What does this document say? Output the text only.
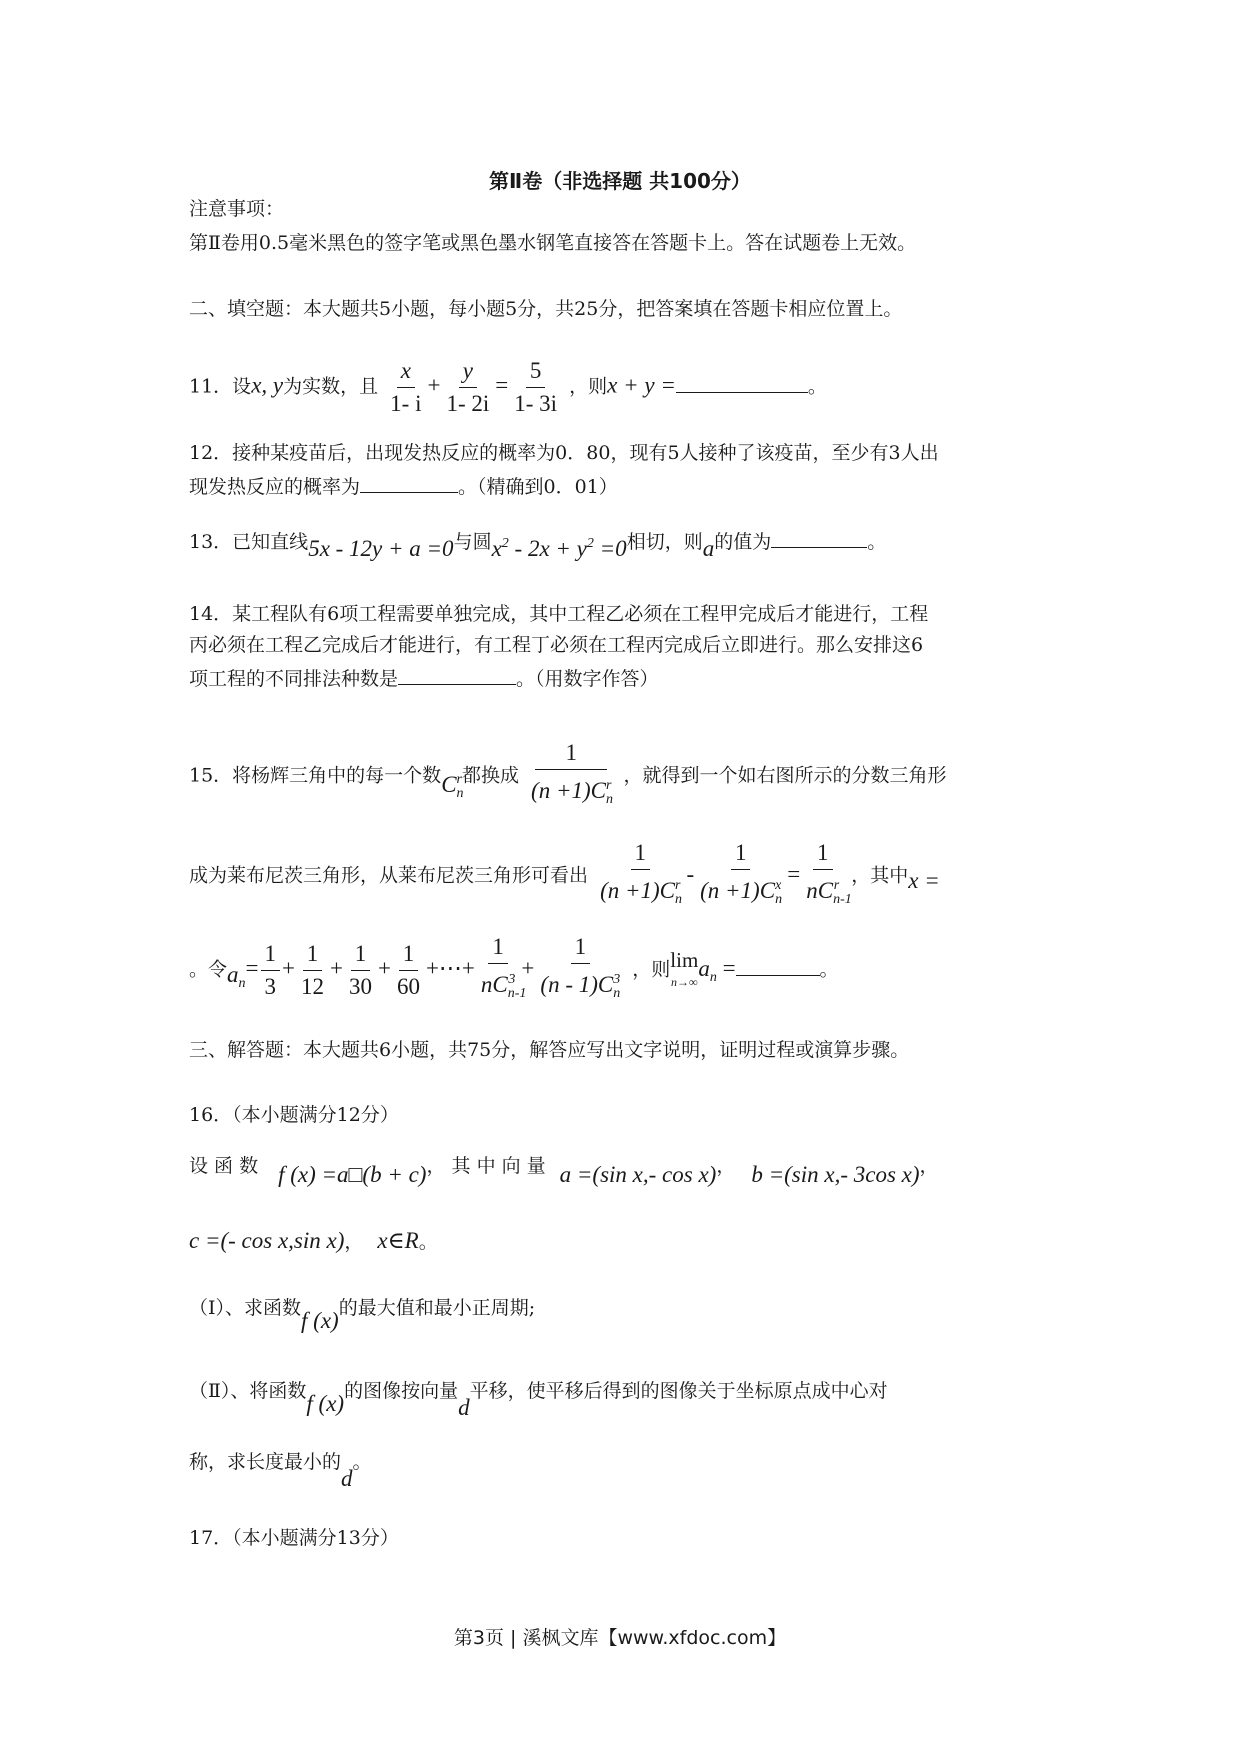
第Ⅱ卷（非选择题 共100分）
注意事项：
第Ⅱ卷用0.5毫米黑色的签字笔或黑色墨水钢笔直接答在答题卡上。答在试题卷上无效。
二、填空题：本大题共5小题，每小题5分，共25分，把答案填在答题卡相应位置上。
11．设x, y为实数，且 $\frac{x}{1- i} + \frac{y}{1- 2i} = \frac{5}{1- 3i}$ ，则x + y =	。
12．接种某疫苗后，出现发热反应的概率为0．80，现有5人接种了该疫苗，至少有3人出
现发热反应的概率为	。（精确到0．01）
13．已知直线5x - 12y + a =0与圆$x^2 - 2x + y^2 =0$相切，则a的值为	。
14．某工程队有6项工程需要单独完成，其中工程乙必须在工程甲完成后才能进行，工程
丙必须在工程乙完成后才能进行，有工程丁必须在工程丙完成后立即进行。那么安排这6
项工程的不同排法种数是	。（用数字作答）
15．将杨辉三角中的每一个数$C_n^r$都换成 $\frac{1}{(n +1)C_n^r}$ ，就得到一个如右图所示的分数三角形
成为莱布尼茨三角形，从莱布尼茨三角形可看出 $\frac{1}{(n +1)C_n^r} - \frac{1}{(n +1)C_n^x} = \frac{1}{nC_{n-1}^r}$ ，其中x =
。令$a_n= \frac{1}{3} + \frac{1}{12} + \frac{1}{30} + \frac{1}{60}$ +⋯+ $\frac{1}{nC_{n-1}^3} + \frac{1}{(n - 1)C_n^3}$ ，则 lim
n→∞
$a_n$ =	。
三、解答题：本大题共6小题，共75分，解答应写出文字说明，证明过程或演算步骤。
16．（本小题满分12分）
设 函 数 f (x) =a□(b + c)， 其 中 向 量 a =(sin x,- cos x)， b =(sin x,- 3cos x)，
c =(- cos x,sin x)， x∈R。
（Ⅰ）、求函数f (x)的最大值和最小正周期;
（Ⅱ）、将函数f (x)的图像按向量d平移，使平移后得到的图像关于坐标原点成中心对
称，求长度最小的d。
17．（本小题满分13分）
第3页 | 溪枫文库【www.xfdoc.com】
